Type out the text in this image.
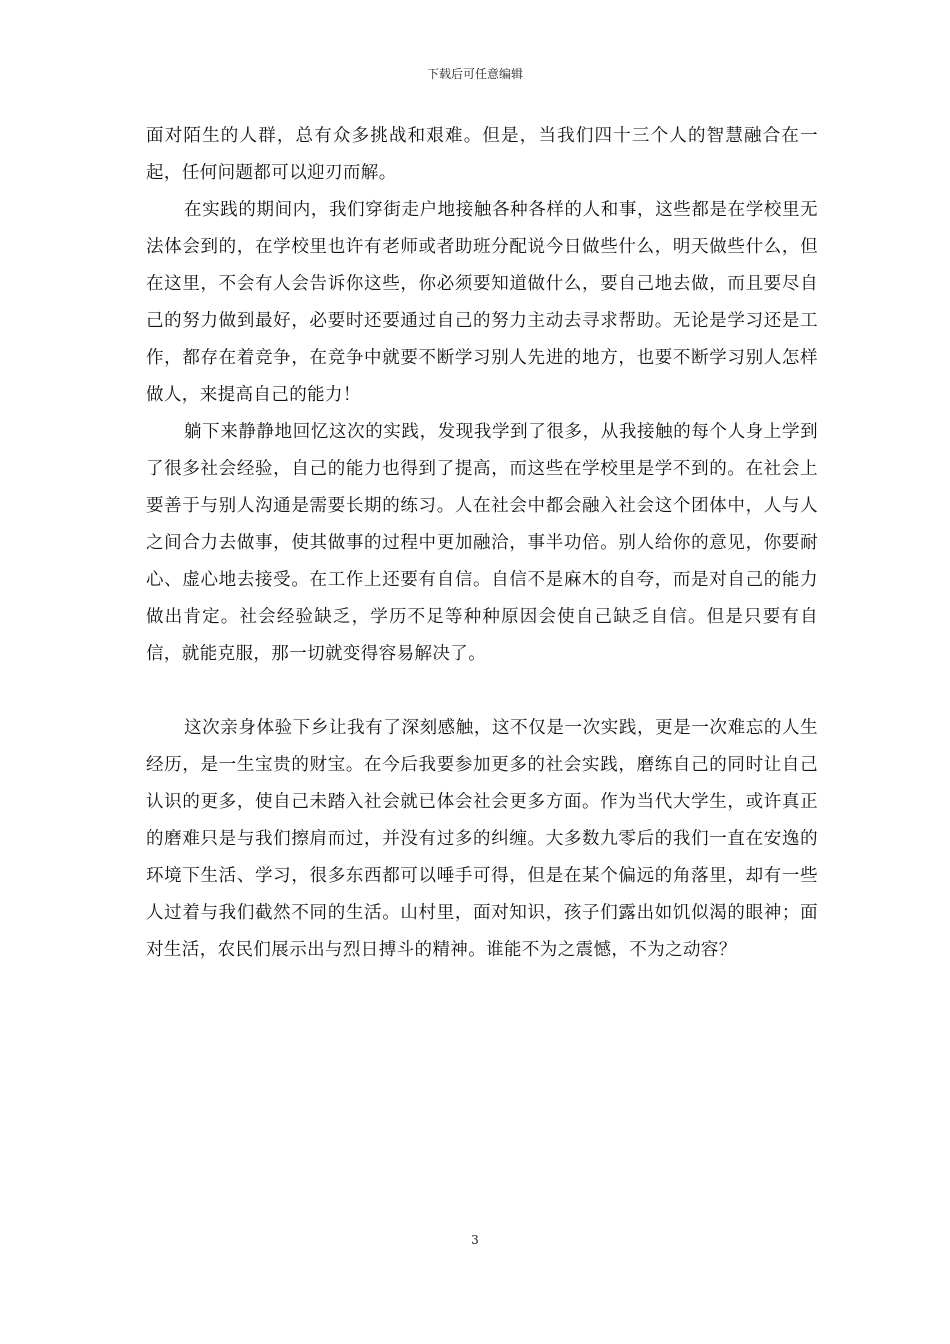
下载后可任意编辑

面对陌生的人群，总有众多挑战和艰难。但是，当我们四十三个人的智慧融合在一起，任何问题都可以迎刃而解。

在实践的期间内，我们穿街走户地接触各种各样的人和事，这些都是在学校里无法体会到的，在学校里也许有老师或者助班分配说今日做些什么，明天做些什么，但在这里，不会有人会告诉你这些，你必须要知道做什么，要自己地去做，而且要尽自己的努力做到最好，必要时还要通过自己的努力主动去寻求帮助。无论是学习还是工作，都存在着竞争，在竞争中就要不断学习别人先进的地方，也要不断学习别人怎样做人，来提高自己的能力！

躺下来静静地回忆这次的实践，发现我学到了很多，从我接触的每个人身上学到了很多社会经验，自己的能力也得到了提高，而这些在学校里是学不到的。在社会上要善于与别人沟通是需要长期的练习。人在社会中都会融入社会这个团体中，人与人之间合力去做事，使其做事的过程中更加融洽，事半功倍。别人给你的意见，你要耐心、虚心地去接受。在工作上还要有自信。自信不是麻木的自夸，而是对自己的能力做出肯定。社会经验缺乏，学历不足等种种原因会使自己缺乏自信。但是只要有自信，就能克服，那一切就变得容易解决了。

这次亲身体验下乡让我有了深刻感触，这不仅是一次实践，更是一次难忘的人生经历，是一生宝贵的财宝。在今后我要参加更多的社会实践，磨练自己的同时让自己认识的更多，使自己未踏入社会就已体会社会更多方面。作为当代大学生，或许真正的磨难只是与我们擦肩而过，并没有过多的纠缠。大多数九零后的我们一直在安逸的环境下生活、学习，很多东西都可以唾手可得，但是在某个偏远的角落里，却有一些人过着与我们截然不同的生活。山村里，面对知识，孩子们露出如饥似渴的眼神；面对生活，农民们展示出与烈日搏斗的精神。谁能不为之震憾，不为之动容？

3
